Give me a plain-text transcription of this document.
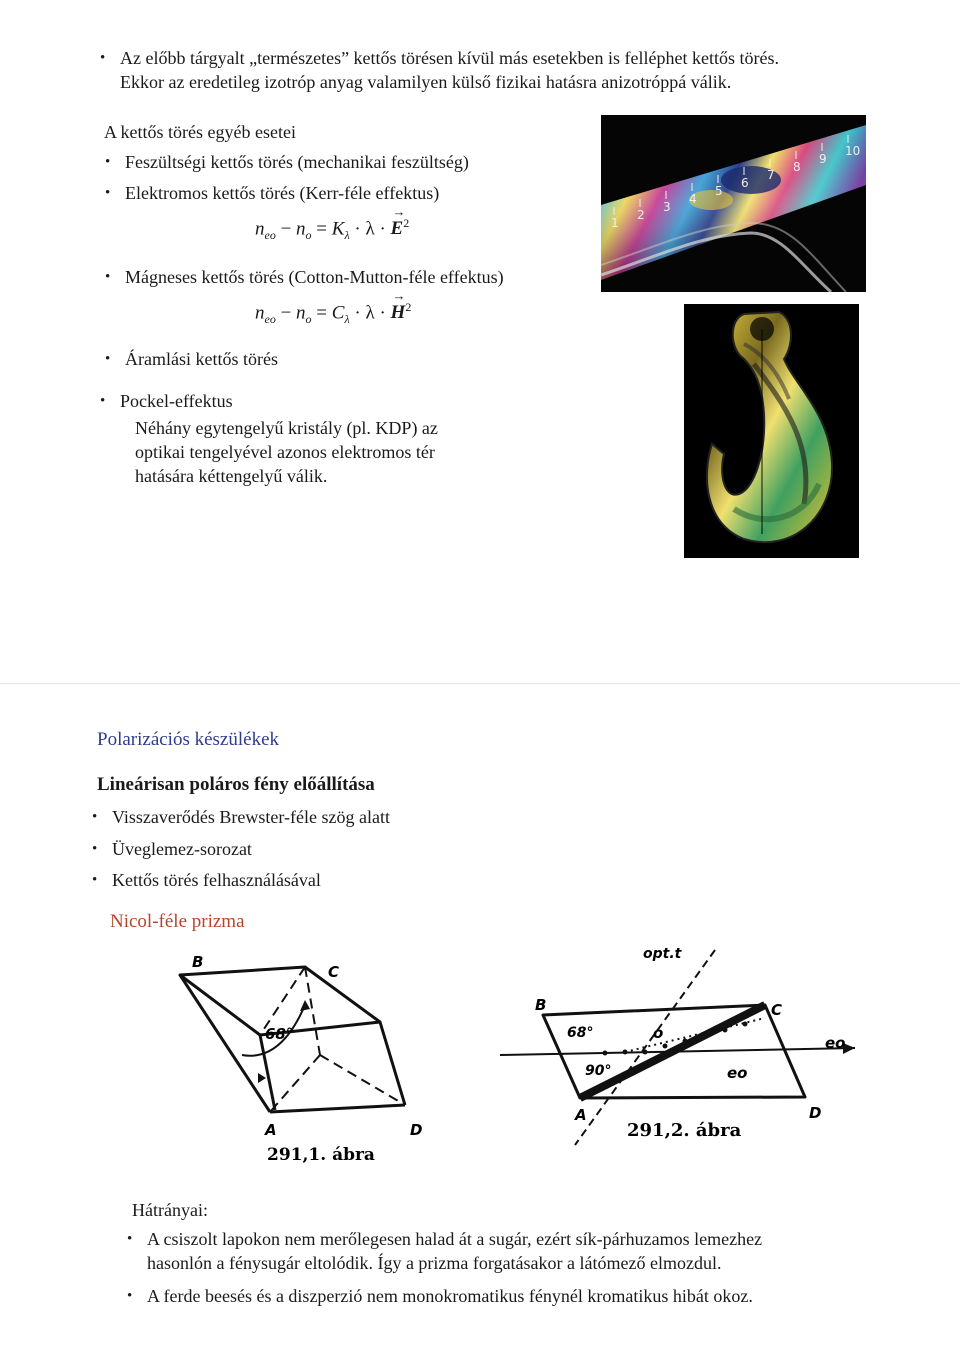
• Az előbb tárgyalt „természetes” kettős törésen kívül más esetekben is felléphet kettős törés.
Ekkor az eredetileg izotróp anyag valamilyen külső fizikai hatásra anizotróppá válik.
A kettős törés egyéb esetei
• Feszültségi kettős törés (mechanikai feszültség)
• Elektromos kettős törés (Kerr-féle effektus)
$n_{eo} - n_o = K_\lambda \cdot \lambda$ ·
→
$E^2$
• Mágneses kettős törés (Cotton-Mutton-féle effektus)
$n_{eo} - n_o = C_\lambda \cdot \lambda$ ·
→
$H^2$
• Áramlási kettős törés
• Pockel-effektus
Néhány egytengelyű kristály (pl. KDP) az
optikai tengelyével azonos elektromos tér
hatására kéttengelyű válik.
1
2
3
4
5
6
7
8
9
10
Polarizációs készülékek
Lineárisan poláros fény előállítása
• Visszaverődés Brewster-féle szög alatt
• Üveglemez-sorozat
• Kettős törés felhasználásával
Nicol-féle prizma
B
C
68°
A	D
291,1. ábra
B	C
68°
90°
o
eo
eo
opt.t
A	D
291,2. ábra
Hátrányai:
• A csiszolt lapokon nem merőlegesen halad át a sugár, ezért sík-párhuzamos lemezhez
hasonlón a fénysugár eltolódik. Így a prizma forgatásakor a látómező elmozdul.
• A ferde beesés és a diszperzió nem monokromatikus fénynél kromatikus hibát okoz.
